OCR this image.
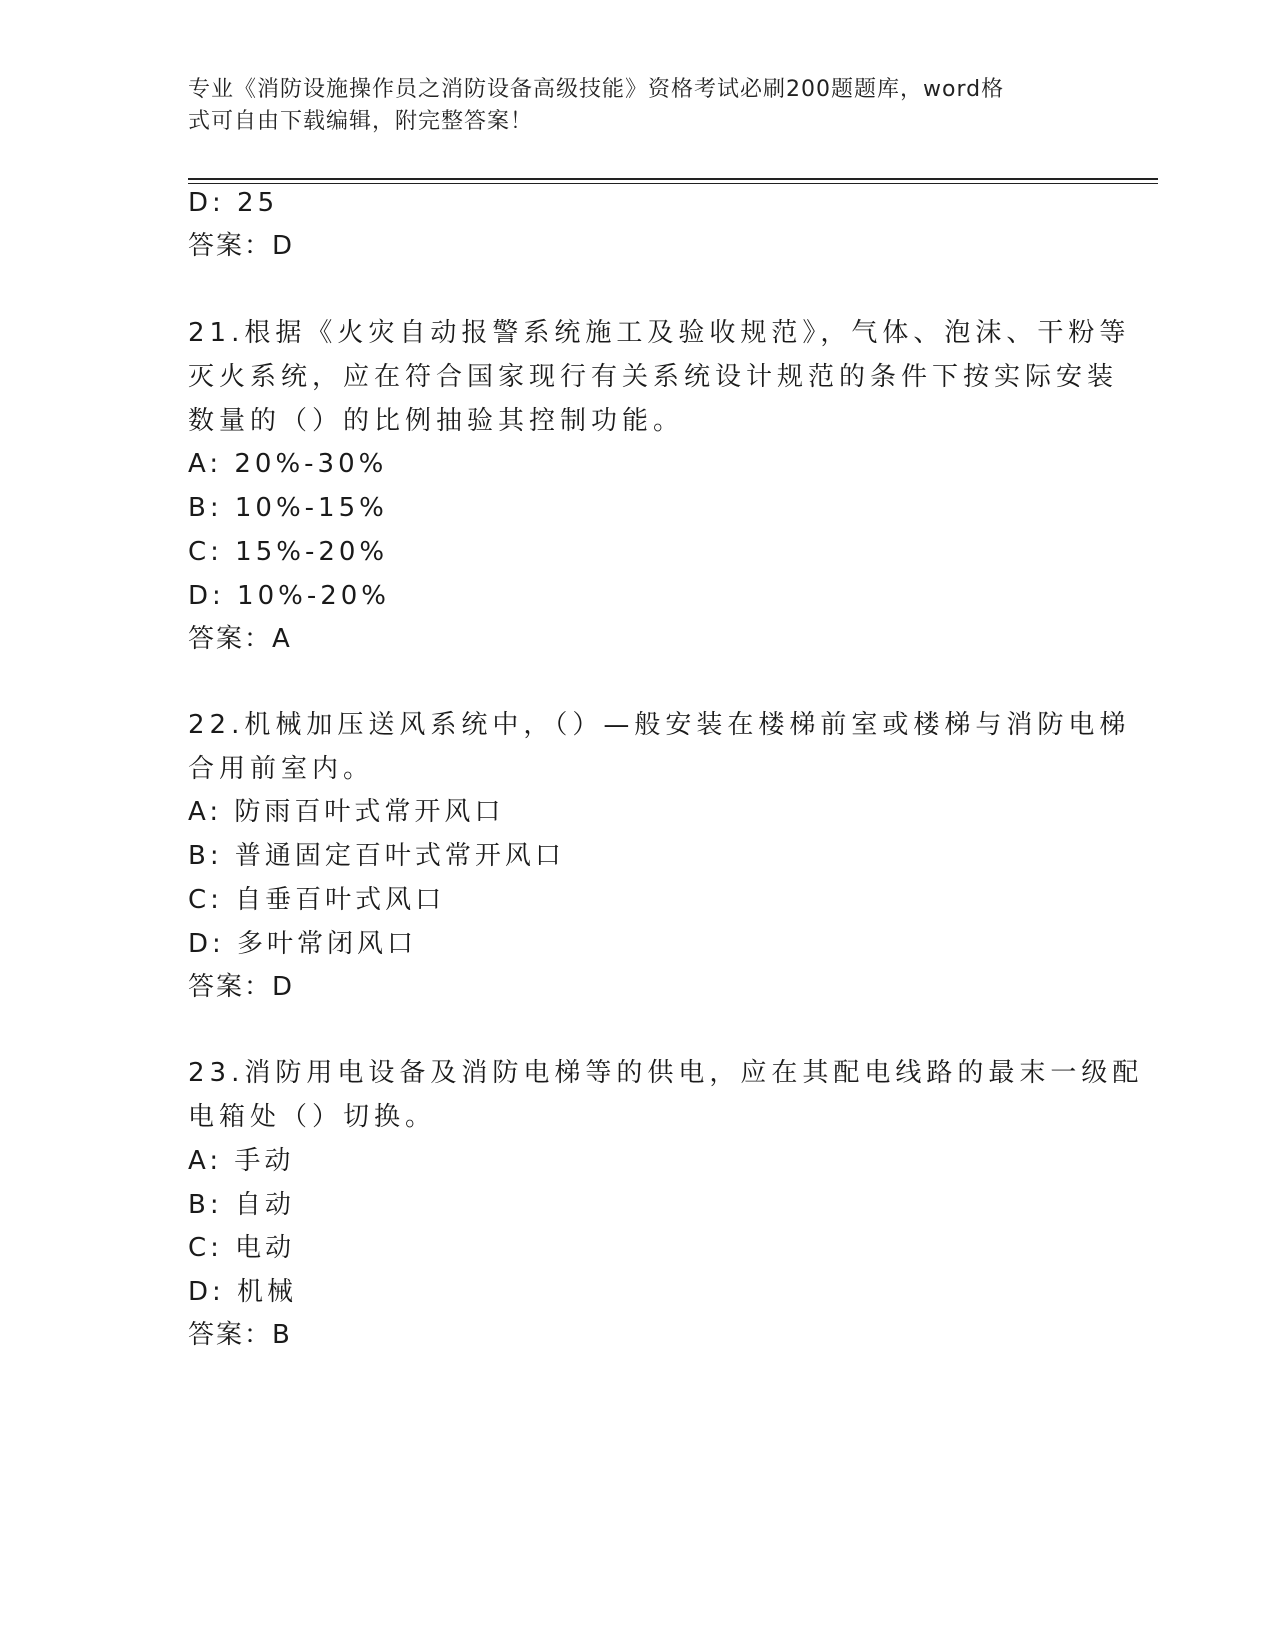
专业《消防设施操作员之消防设备高级技能》资格考试必刷200题题库，word格
式可自由下载编辑，附完整答案！
D: 25
答案：D
21.根据《火灾自动报警系统施工及验收规范》，气体、泡沫、干粉等
灭火系统，应在符合国家现行有关系统设计规范的条件下按实际安装
数量的（）的比例抽验其控制功能。
A: 20%-30%
B: 10%-15%
C: 15%-20%
D: 10%-20%
答案：A
22.机械加压送风系统中，（）—般安装在楼梯前室或楼梯与消防电梯
合用前室内。
A: 防雨百叶式常开风口
B: 普通固定百叶式常开风口
C: 自垂百叶式风口
D: 多叶常闭风口
答案：D
23.消防用电设备及消防电梯等的供电，应在其配电线路的最末一级配
电箱处（）切换。
A: 手动
B: 自动
C: 电动
D: 机械
答案：B
